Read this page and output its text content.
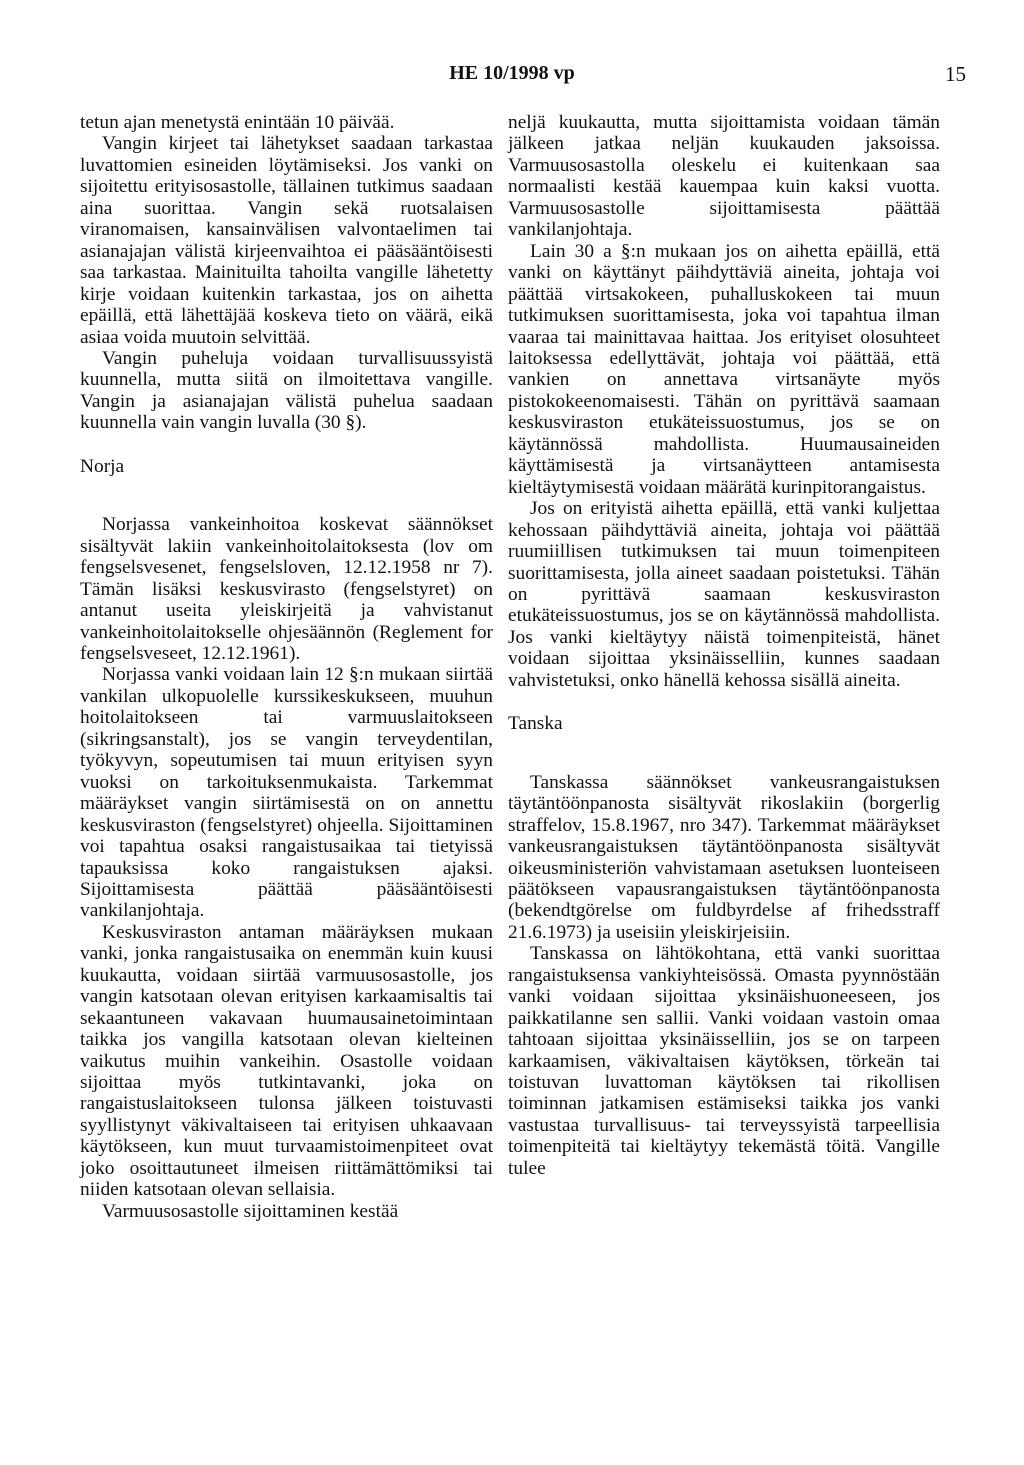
HE 10/1998 vp	15

tetun ajan menetystä enintään 10 päivää.

Vangin kirjeet tai lähetykset saadaan tarkastaa luvattomien esineiden löytämiseksi. Jos vanki on sijoitettu erityisosastolle, tällainen tutkimus saadaan aina suorittaa. Vangin sekä ruotsalaisen viranomaisen, kansainvälisen valvontaelimen tai asianajajan välistä kirjeenvaihtoa ei pääsääntöisesti saa tarkastaa. Mainituilta tahoilta vangille lähetetty kirje voidaan kuitenkin tarkastaa, jos on aihetta epäillä, että lähettäjää koskeva tieto on väärä, eikä asiaa voida muutoin selvittää.

Vangin puheluja voidaan turvallisuussyistä kuunnella, mutta siitä on ilmoitettava vangille. Vangin ja asianajajan välistä puhelua saadaan kuunnella vain vangin luvalla (30 §).

Norja

Norjassa vankeinhoitoa koskevat säännökset sisältyvät lakiin vankeinhoitolaitoksesta (lov om fengselsvesenet, fengselsloven, 12.12.1958 nr 7). Tämän lisäksi keskusvirasto (fengselstyret) on antanut useita yleiskirjeitä ja vahvistanut vankeinhoitolaitokselle ohjesäännön (Reglement for fengselsveseet, 12.12.1961).

Norjassa vanki voidaan lain 12 §:n mukaan siirtää vankilan ulkopuolelle kurssikeskukseen, muuhun hoitolaitokseen tai varmuuslaitokseen (sikringsanstalt), jos se vangin terveydentilan, työkyvyn, sopeutumisen tai muun erityisen syyn vuoksi on tarkoituksenmukaista. Tarkemmat määräykset vangin siirtämisestä on on annettu keskusviraston (fengselstyret) ohjeella. Sijoittaminen voi tapahtua osaksi rangaistusaikaa tai tietyissä tapauksissa koko rangaistuksen ajaksi. Sijoittamisesta päättää pääsääntöisesti vankilanjohtaja.

Keskusviraston antaman määräyksen mukaan vanki, jonka rangaistusaika on enemmän kuin kuusi kuukautta, voidaan siirtää varmuusosastolle, jos vangin katsotaan olevan erityisen karkaamisaltis tai sekaantuneen vakavaan huumausainetoimintaan taikka jos vangilla katsotaan olevan kielteinen vaikutus muihin vankeihin. Osastolle voidaan sijoittaa myös tutkintavanki, joka on rangaistuslaitokseen tulonsa jälkeen toistuvasti syyllistynyt väkivaltaiseen tai erityisen uhkaavaan käytökseen, kun muut turvaamistoimenpiteet ovat joko osoittautuneet ilmeisen riittämättömiksi tai niiden katsotaan olevan sellaisia.

Varmuusosastolle sijoittaminen kestää

neljä kuukautta, mutta sijoittamista voidaan tämän jälkeen jatkaa neljän kuukauden jaksoissa. Varmuusosastolla oleskelu ei kuitenkaan saa normaalisti kestää kauempaa kuin kaksi vuotta. Varmuusosastolle sijoittamisesta päättää vankilanjohtaja.

Lain 30 a §:n mukaan jos on aihetta epäillä, että vanki on käyttänyt päihdyttäviä aineita, johtaja voi päättää virtsakokeen, puhalluskokeen tai muun tutkimuksen suorittamisesta, joka voi tapahtua ilman vaaraa tai mainittavaa haittaa. Jos erityiset olosuhteet laitoksessa edellyttävät, johtaja voi päättää, että vankien on annettava virtsanäyte myös pistokokeenomaisesti. Tähän on pyrittävä saamaan keskusviraston etukäteissuostumus, jos se on käytännössä mahdollista. Huumausaineiden käyttämisestä ja virtsanäytteen antamisesta kieltäytymisestä voidaan määrätä kurinpitorangaistus.

Jos on erityistä aihetta epäillä, että vanki kuljettaa kehossaan päihdyttäviä aineita, johtaja voi päättää ruumiillisen tutkimuksen tai muun toimenpiteen suorittamisesta, jolla aineet saadaan poistetuksi. Tähän on pyrittävä saamaan keskusviraston etukäteissuostumus, jos se on käytännössä mahdollista. Jos vanki kieltäytyy näistä toimenpiteistä, hänet voidaan sijoittaa yksinäisselliin, kunnes saadaan vahvistetuksi, onko hänellä kehossa sisällä aineita.

Tanska

Tanskassa säännökset vankeusrangaistuksen täytäntöönpanosta sisältyvät rikoslakiin (borgerlig straffelov, 15.8.1967, nro 347). Tarkemmat määräykset vankeusrangaistuksen täytäntöönpanosta sisältyvät oikeusministeriön vahvistamaan asetuksen luonteiseen päätökseen vapausrangaistuksen täytäntöönpanosta (bekendtgörelse om fuldbyrdelse af frihedsstraff 21.6.1973) ja useisiin yleiskirjeisiin.

Tanskassa on lähtökohtana, että vanki suorittaa rangaistuksensa vankiyhteisössä. Omasta pyynnöstään vanki voidaan sijoittaa yksinäishuoneeseen, jos paikkatilanne sen sallii. Vanki voidaan vastoin omaa tahtoaan sijoittaa yksinäisselliin, jos se on tarpeen karkaamisen, väkivaltaisen käytöksen, törkeän tai toistuvan luvattoman käytöksen tai rikollisen toiminnan jatkamisen estämiseksi taikka jos vanki vastustaa turvallisuus- tai terveyssyistä tarpeellisia toimenpiteitä tai kieltäytyy tekemästä töitä. Vangille tulee
